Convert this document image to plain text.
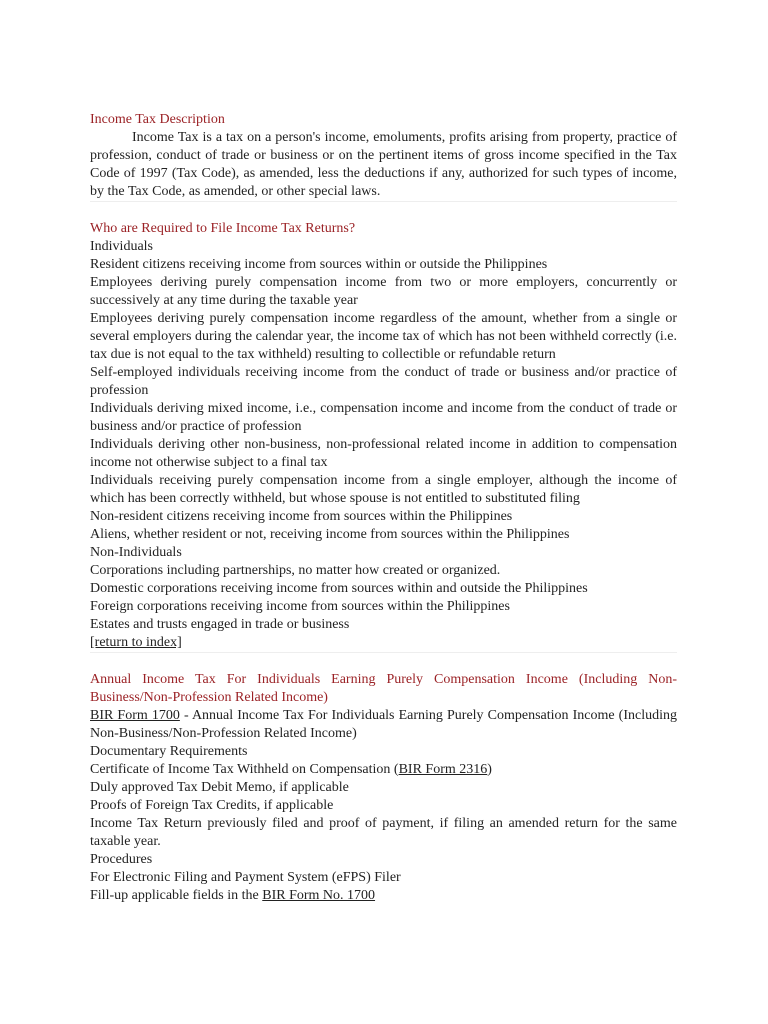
Income Tax Description

Income Tax is a tax on a person's income, emoluments, profits arising from property, practice of profession, conduct of trade or business or on the pertinent items of gross income specified in the Tax Code of 1997 (Tax Code), as amended, less the deductions if any, authorized for such types of income, by the Tax Code, as amended, or other special laws.

Who are Required to File Income Tax Returns?

Individuals

Resident citizens receiving income from sources within or outside the Philippines

Employees deriving purely compensation income from two or more employers, concurrently or successively at any time during the taxable year

Employees deriving purely compensation income regardless of the amount, whether from a single or several employers during the calendar year, the income tax of which has not been withheld correctly (i.e. tax due is not equal to the tax withheld) resulting to collectible or refundable return

Self-employed individuals receiving income from the conduct of trade or business and/or practice of profession

Individuals deriving mixed income, i.e., compensation income and income from the conduct of trade or business and/or practice of profession

Individuals deriving other non-business, non-professional related income in addition to compensation income not otherwise subject to a final tax

Individuals receiving purely compensation income from a single employer, although the income of which has been correctly withheld, but whose spouse is not entitled to substituted filing

Non-resident citizens receiving income from sources within the Philippines

Aliens, whether resident or not, receiving income from sources within the Philippines

Non-Individuals

Corporations including partnerships, no matter how created or organized.

Domestic corporations receiving income from sources within and outside the Philippines

Foreign corporations receiving income from sources within the Philippines

Estates and trusts engaged in trade or business

[return to index]

Annual Income Tax For Individuals Earning Purely Compensation Income (Including Non-Business/Non-Profession Related Income)

BIR Form 1700 - Annual Income Tax For Individuals Earning Purely Compensation Income (Including Non-Business/Non-Profession Related Income)

Documentary Requirements

Certificate of Income Tax Withheld on Compensation (BIR Form 2316)

Duly approved Tax Debit Memo, if applicable

Proofs of Foreign Tax Credits, if applicable

Income Tax Return previously filed and proof of payment, if filing an amended return for the same taxable year.

Procedures

For Electronic Filing and Payment System (eFPS) Filer

Fill-up applicable fields in the BIR Form No. 1700
